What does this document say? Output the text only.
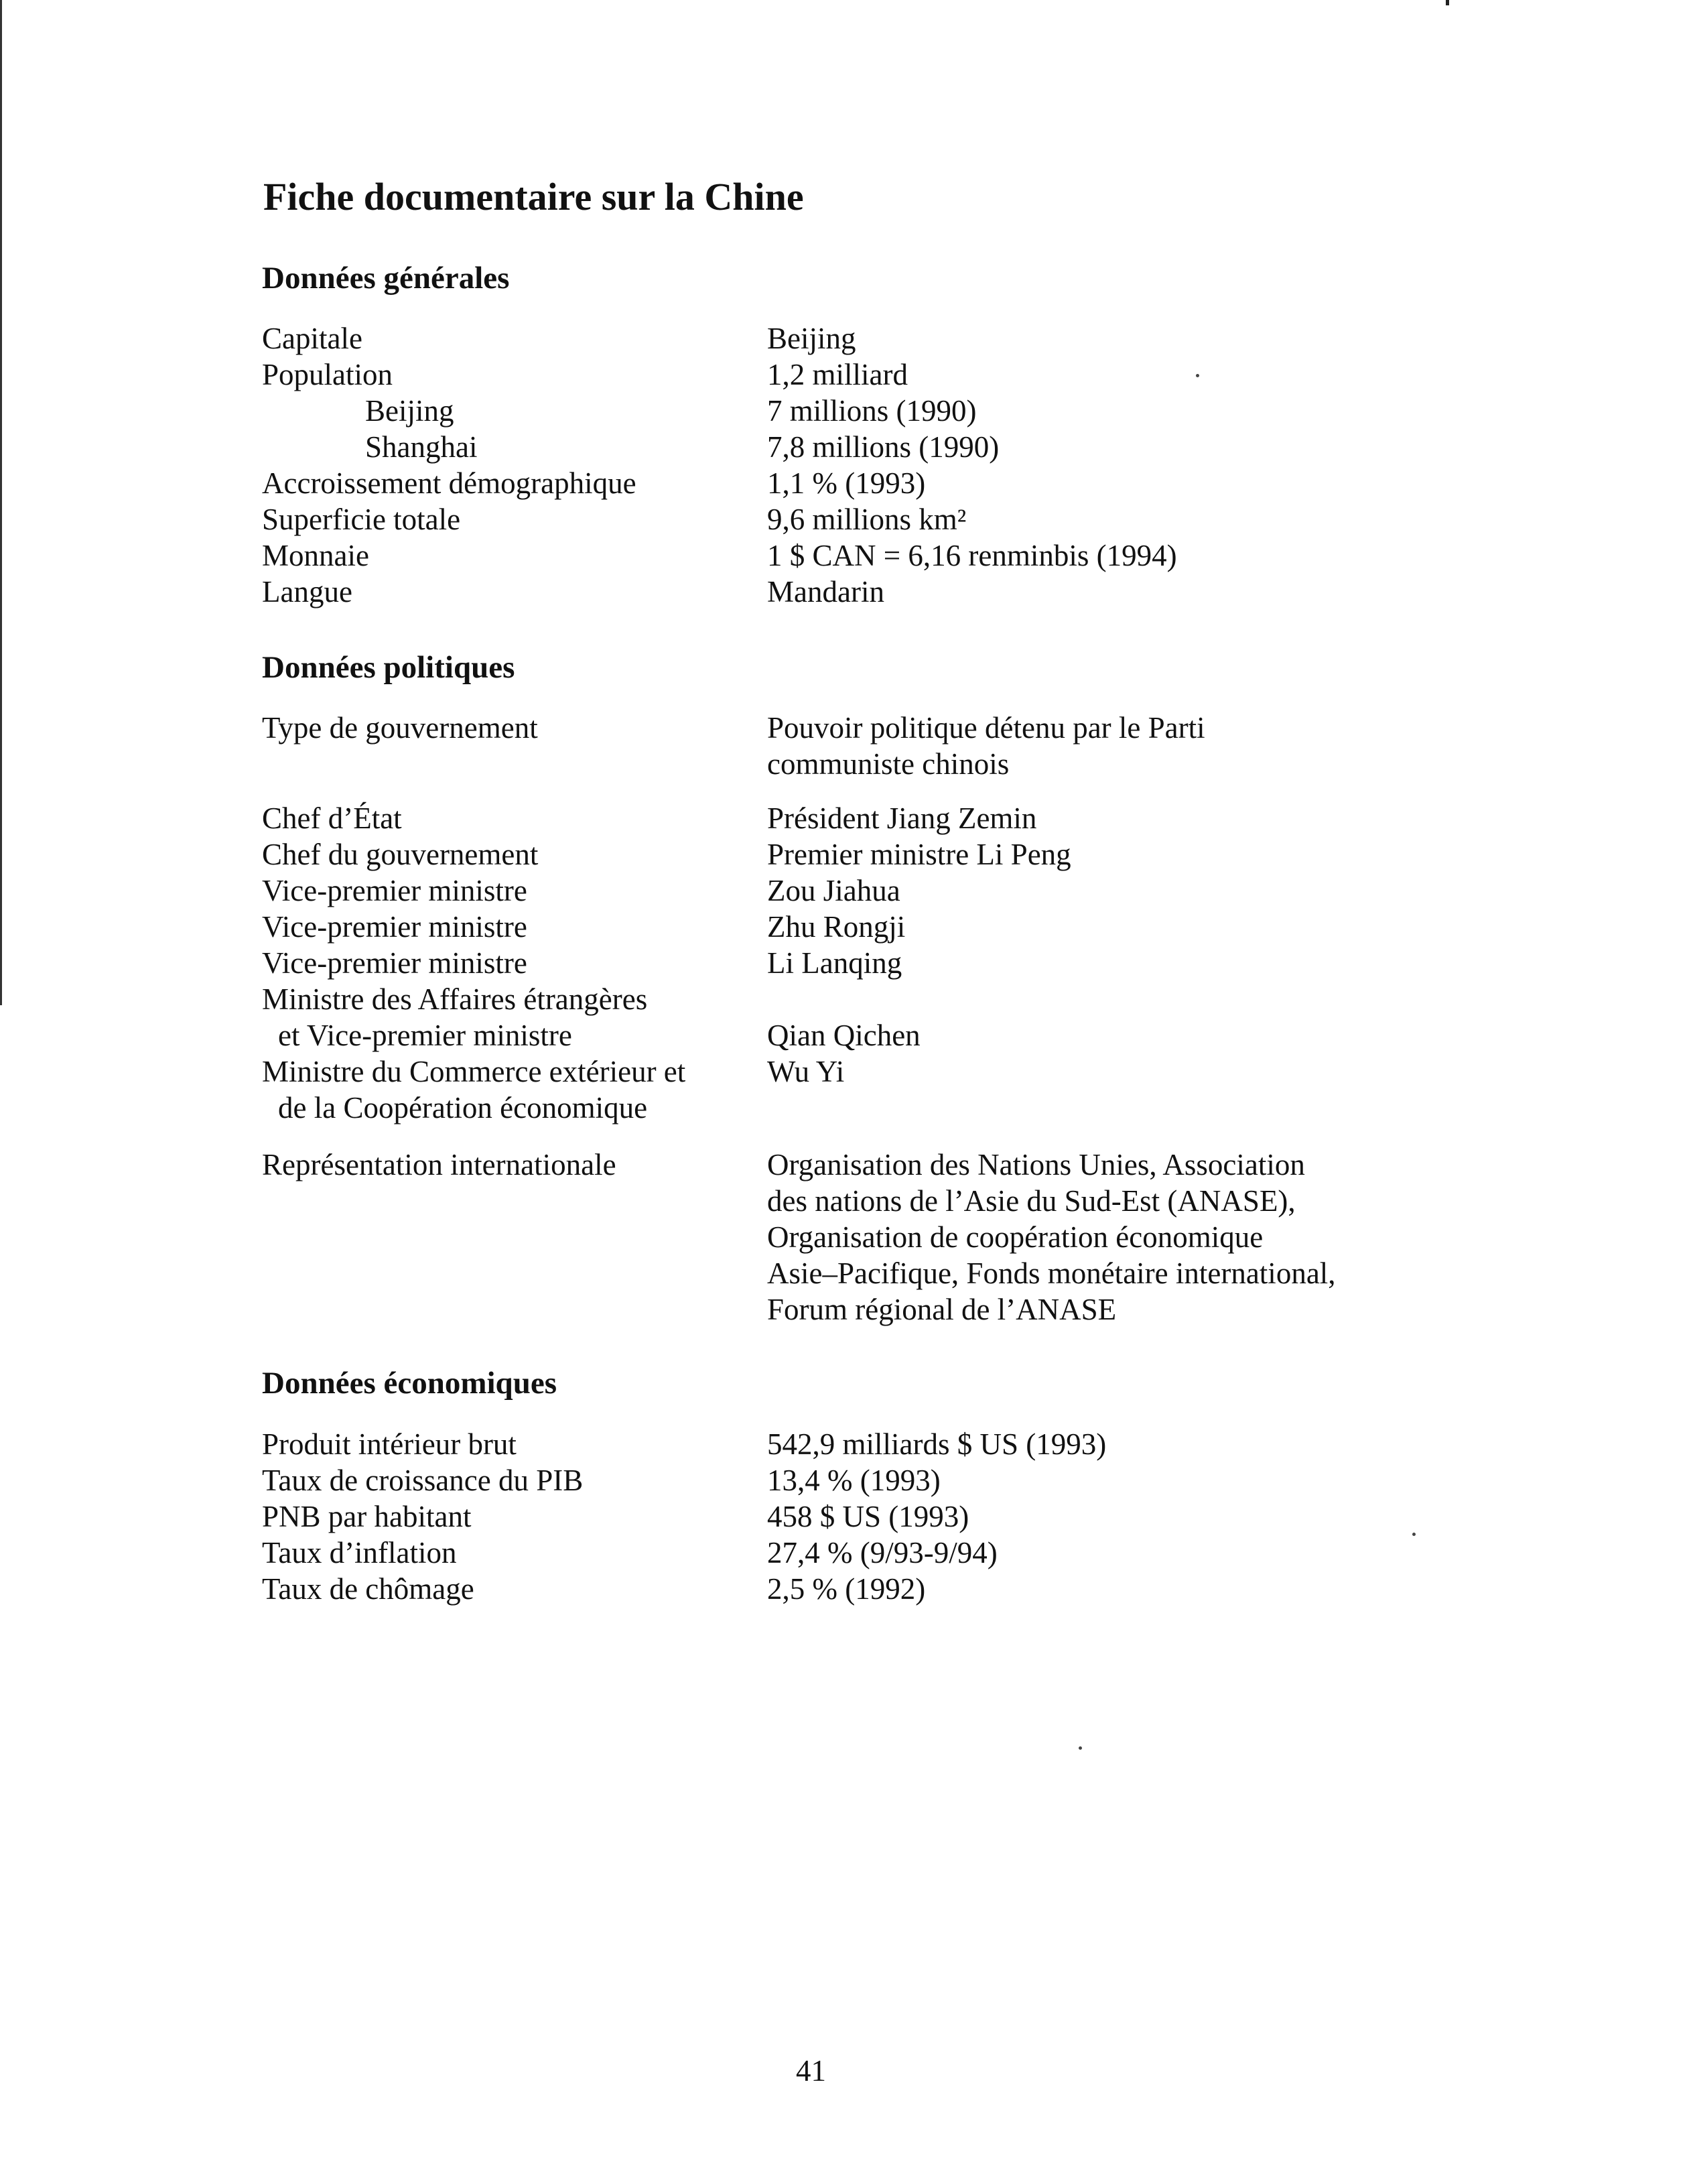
Fiche documentaire sur la Chine
Données générales
Capitale
Population
Beijing
Shanghai
Accroissement démographique
Superficie totale
Monnaie
Langue
Beijing
1,2 milliard
7 millions (1990)
7,8 millions (1990)
1,1 % (1993)
9,6 millions km²
1 $ CAN = 6,16 renminbis (1994)
Mandarin
Données politiques
Type de gouvernement	Pouvoir politique détenu par le Parti
communiste chinois
Chef d’État
Chef du gouvernement
Vice-premier ministre
Vice-premier ministre
Vice-premier ministre
Ministre des Affaires étrangères
et Vice-premier ministre
Ministre du Commerce extérieur et
de la Coopération économique
Président Jiang Zemin
Premier ministre Li Peng
Zou Jiahua
Zhu Rongji
Li Lanqing
Qian Qichen
Wu Yi
Représentation internationale	Organisation des Nations Unies, Association
des nations de l’Asie du Sud-Est (ANASE),
Organisation de coopération économique
Asie–Pacifique, Fonds monétaire international,
Forum régional de l’ANASE
Données économiques
Produit intérieur brut
Taux de croissance du PIB
PNB par habitant
Taux d’inflation
Taux de chômage
542,9 milliards $ US (1993)
13,4 % (1993)
458 $ US (1993)
27,4 % (9/93-9/94)
2,5 % (1992)

41
